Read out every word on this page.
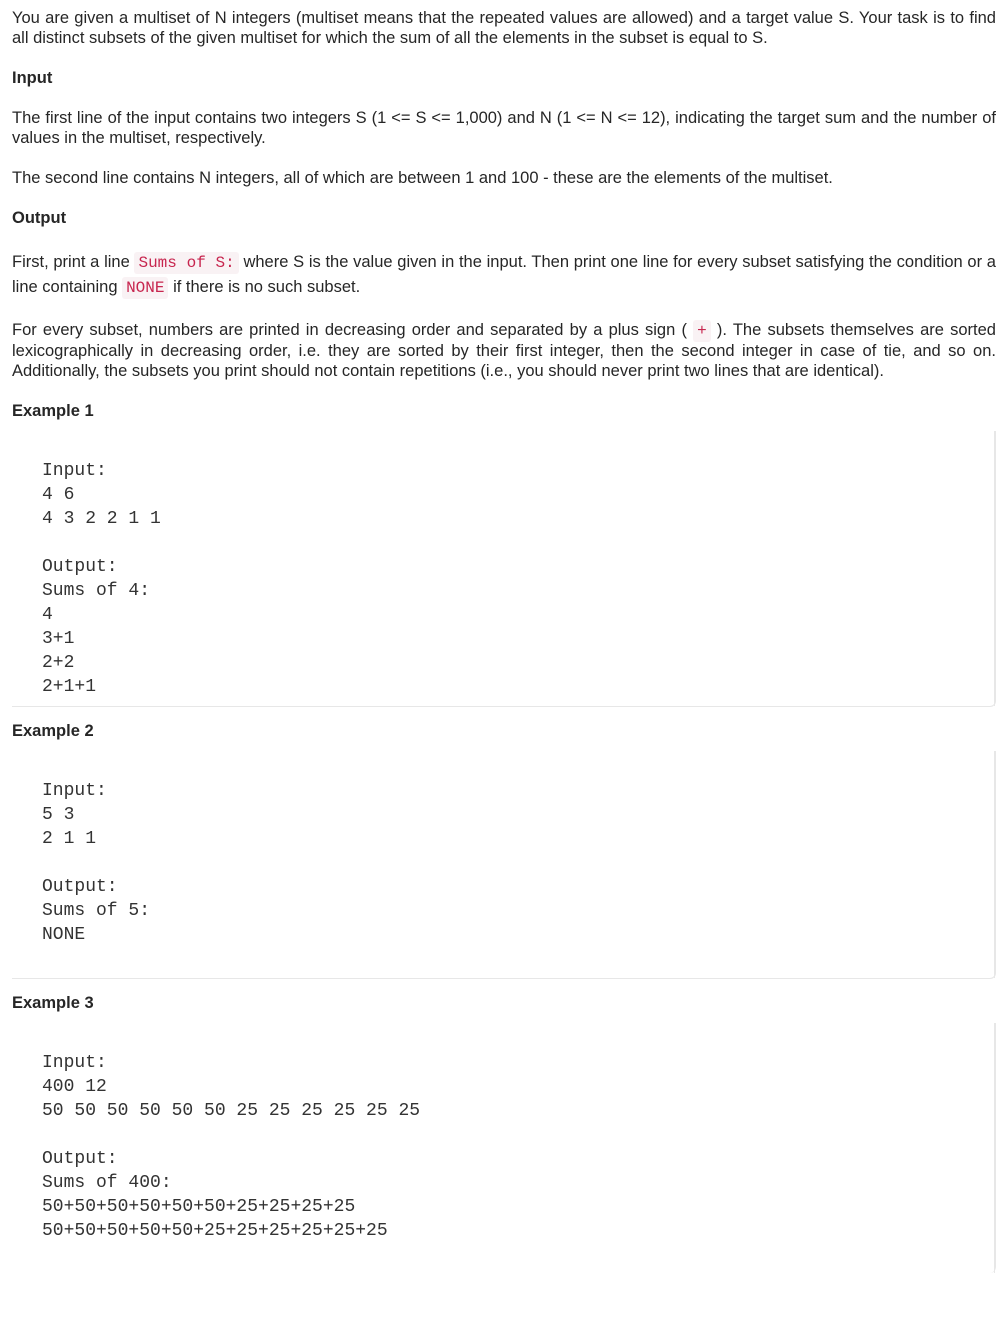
You are given a multiset of N integers (multiset means that the repeated values are allowed) and a target value S. Your task is to find all distinct subsets of the given multiset for which the sum of all the elements in the subset is equal to S.

Input

The first line of the input contains two integers S (1 <= S <= 1,000) and N (1 <= N <= 12), indicating the target sum and the number of values in the multiset, respectively.

The second line contains N integers, all of which are between 1 and 100 - these are the elements of the multiset.

Output

First, print a line Sums of S: where S is the value given in the input. Then print one line for every subset satisfying the condition or a line containing NONE if there is no such subset.

For every subset, numbers are printed in decreasing order and separated by a plus sign ( + ). The subsets themselves are sorted lexicographically in decreasing order, i.e. they are sorted by their first integer, then the second integer in case of tie, and so on. Additionally, the subsets you print should not contain repetitions (i.e., you should never print two lines that are identical).

Example 1
Input:
4 6
4 3 2 2 1 1
Output:
Sums of 4:
4
3+1
2+2
2+1+1
Example 2
Input:
5 3
2 1 1
Output:
Sums of 5:
NONE
Example 3
Input:
400 12
50 50 50 50 50 50 25 25 25 25 25 25
Output:
Sums of 400:
50+50+50+50+50+50+25+25+25+25
50+50+50+50+50+25+25+25+25+25+25
